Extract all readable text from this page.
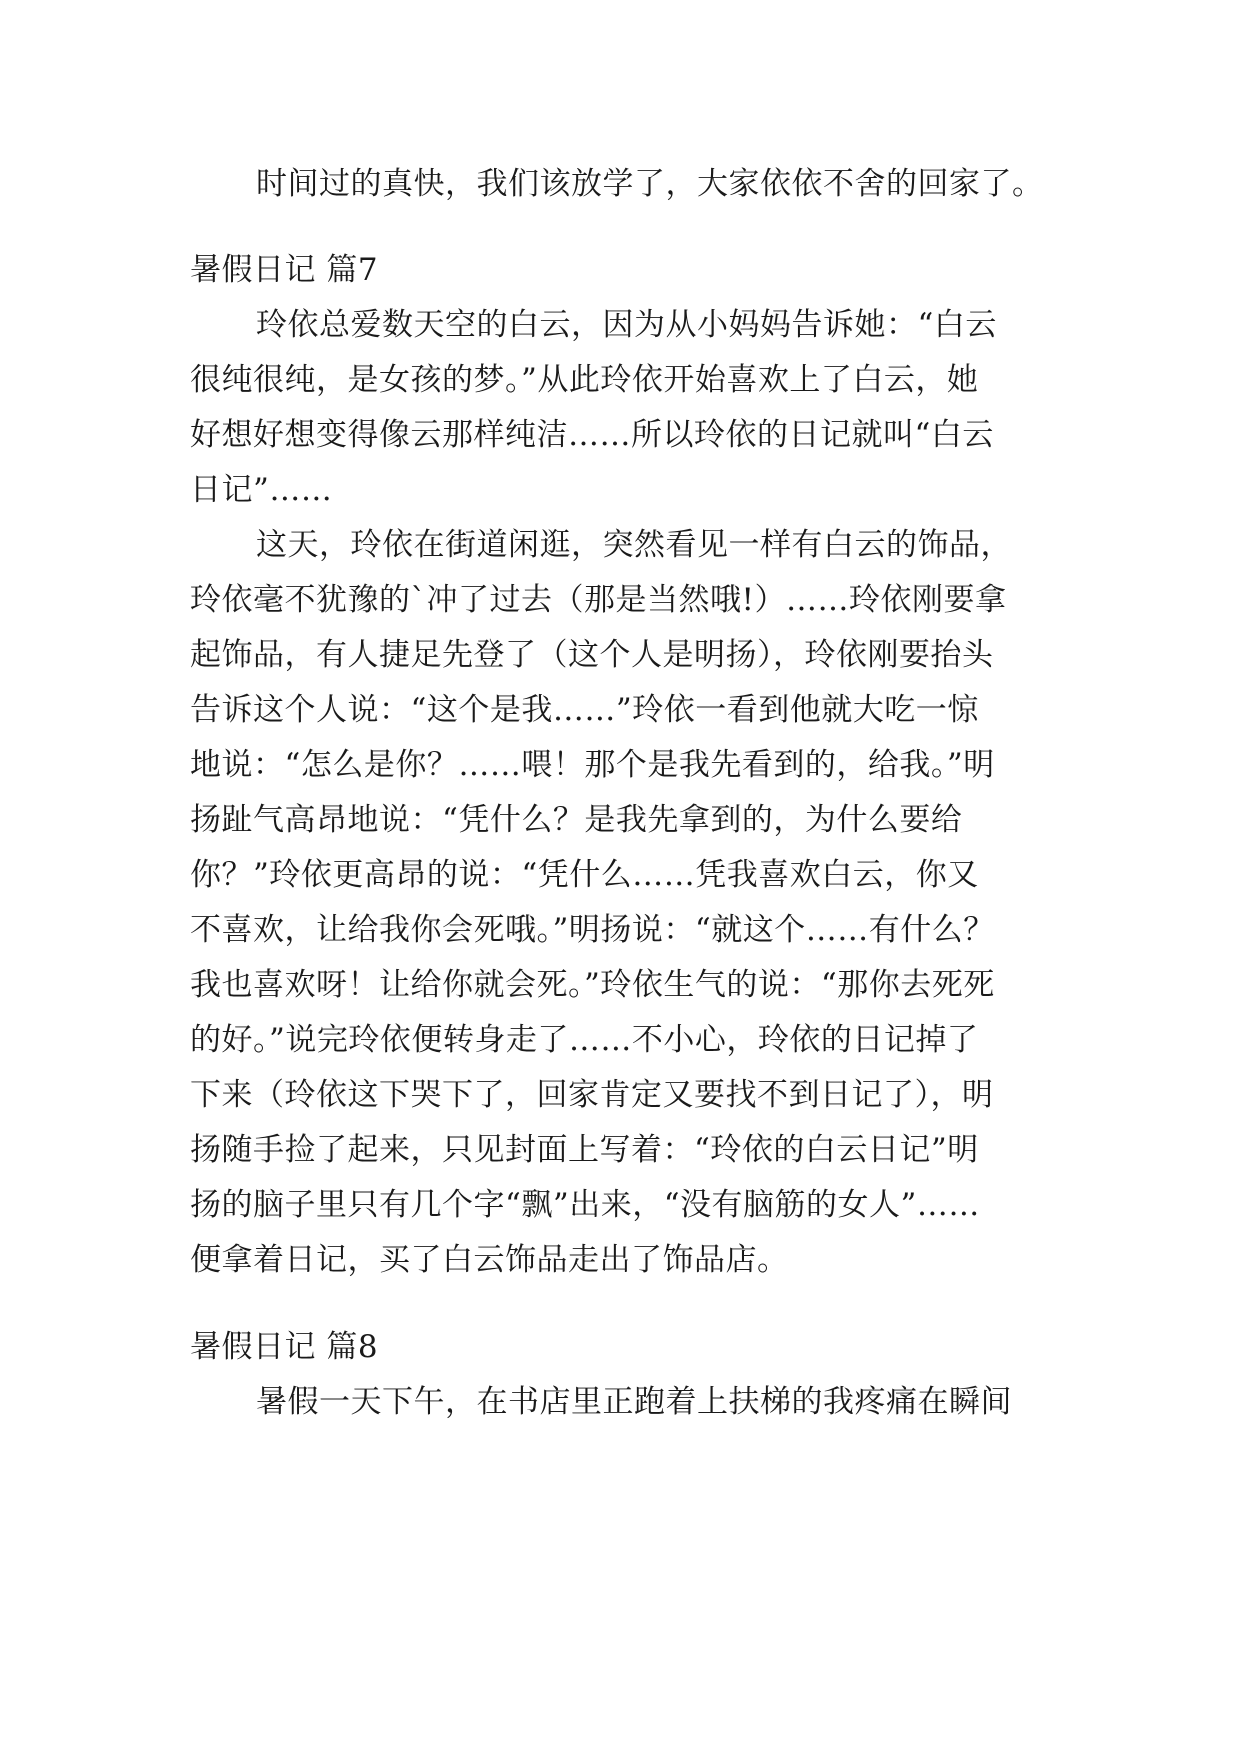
时间过的真快，我们该放学了，大家依依不舍的回家了。
暑假日记 篇7
玲依总爱数天空的白云，因为从小妈妈告诉她：“白云
很纯很纯，是女孩的梦。”从此玲依开始喜欢上了白云，她
好想好想变得像云那样纯洁……所以玲依的日记就叫“白云
日记”……
这天，玲依在街道闲逛，突然看见一样有白云的饰品，
玲依毫不犹豫的`冲了过去（那是当然哦!）……玲依刚要拿
起饰品，有人捷足先登了（这个人是明扬），玲依刚要抬头
告诉这个人说：“这个是我……”玲依一看到他就大吃一惊
地说：“怎么是你？……喂！那个是我先看到的，给我。”明
扬趾气高昂地说：“凭什么？是我先拿到的，为什么要给
你？”玲依更高昂的说：“凭什么……凭我喜欢白云，你又
不喜欢，让给我你会死哦。”明扬说：“就这个……有什么？
我也喜欢呀！让给你就会死。”玲依生气的说：“那你去死死
的好。”说完玲依便转身走了……不小心，玲依的日记掉了
下来（玲依这下哭下了，回家肯定又要找不到日记了），明
扬随手捡了起来，只见封面上写着：“玲依的白云日记”明
扬的脑子里只有几个字“飘”出来，“没有脑筋的女人”……
便拿着日记，买了白云饰品走出了饰品店。
暑假日记 篇8
暑假一天下午，在书店里正跑着上扶梯的我疼痛在瞬间
